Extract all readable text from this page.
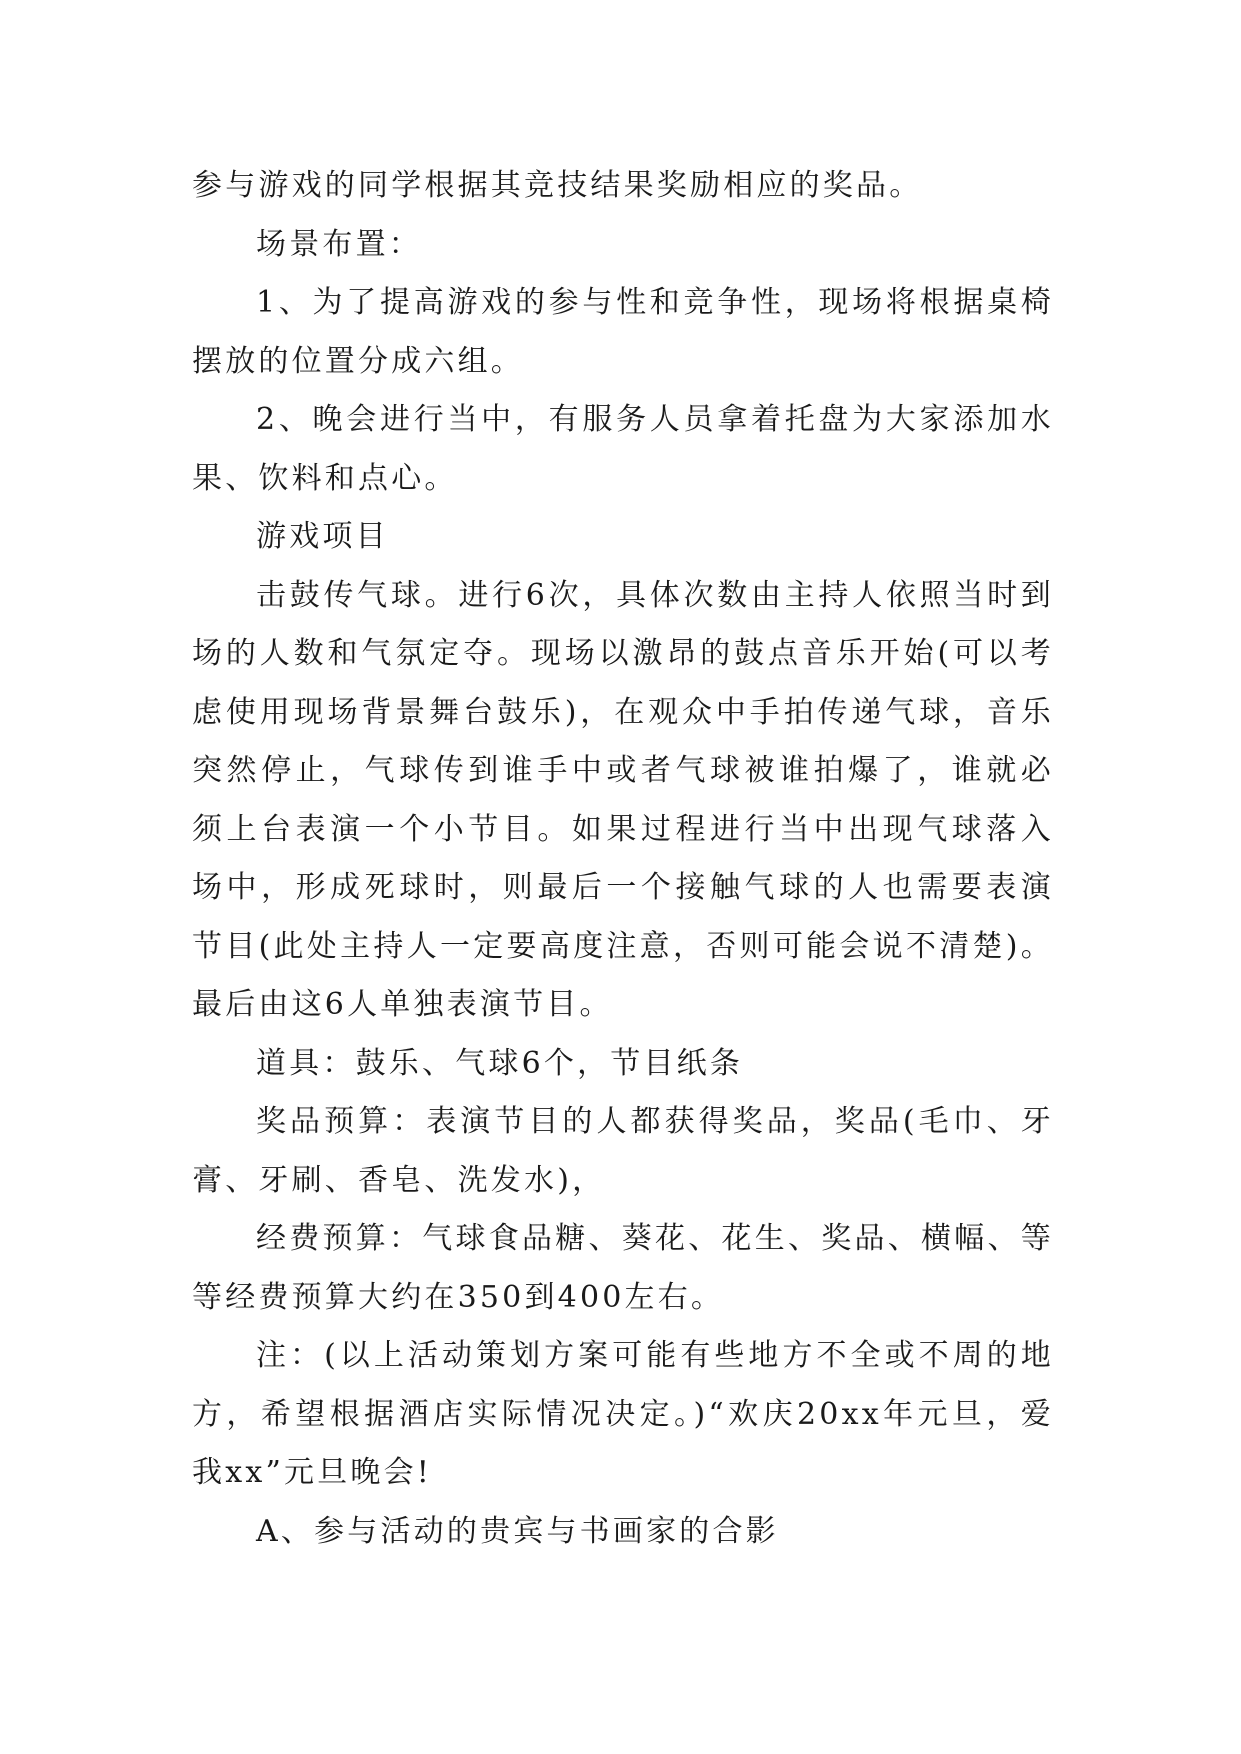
参与游戏的同学根据其竞技结果奖励相应的奖品。

场景布置：

1、为了提高游戏的参与性和竞争性，现场将根据桌椅摆放的位置分成六组。

2、晚会进行当中，有服务人员拿着托盘为大家添加水果、饮料和点心。

游戏项目

击鼓传气球。进行6次，具体次数由主持人依照当时到场的人数和气氛定夺。现场以激昂的鼓点音乐开始(可以考虑使用现场背景舞台鼓乐)，在观众中手拍传递气球，音乐突然停止，气球传到谁手中或者气球被谁拍爆了，谁就必须上台表演一个小节目。如果过程进行当中出现气球落入场中，形成死球时，则最后一个接触气球的人也需要表演节目(此处主持人一定要高度注意，否则可能会说不清楚)。最后由这6人单独表演节目。

道具：鼓乐、气球6个，节目纸条

奖品预算：表演节目的人都获得奖品，奖品(毛巾、牙膏、牙刷、香皂、洗发水)，

经费预算：气球食品糖、葵花、花生、奖品、横幅、等等经费预算大约在350到400左右。

注：(以上活动策划方案可能有些地方不全或不周的地方，希望根据酒店实际情况决定。)“欢庆20xx年元旦，爱我xx”元旦晚会!

A、参与活动的贵宾与书画家的合影
